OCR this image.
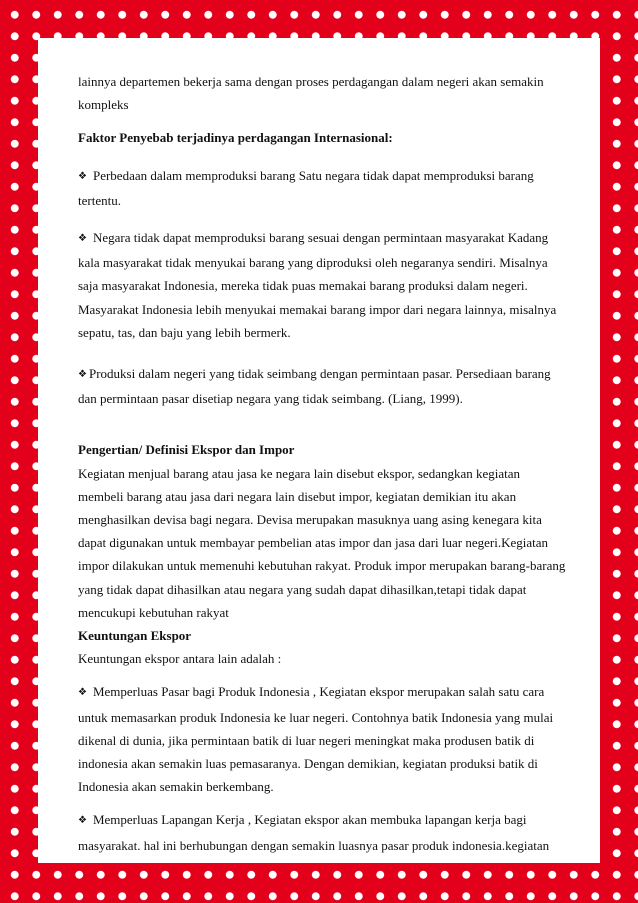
lainnya departemen bekerja sama dengan proses perdagangan dalam negeri akan semakin

kompleks

Faktor Penyebab terjadinya perdagangan Internasional:

❖ Perbedaan dalam memproduksi barang Satu negara tidak dapat memproduksi barang

tertentu.

❖ Negara tidak dapat memproduksi barang sesuai dengan permintaan masyarakat Kadang

kala masyarakat tidak menyukai barang yang diproduksi oleh negaranya sendiri. Misalnya

saja masyarakat Indonesia, mereka tidak puas memakai barang produksi dalam negeri.

Masyarakat Indonesia lebih menyukai memakai barang impor dari negara lainnya, misalnya

sepatu, tas, dan baju yang lebih bermerk.

❖ Produksi dalam negeri yang tidak seimbang dengan permintaan pasar. Persediaan barang

dan permintaan pasar disetiap negara yang tidak seimbang. (Liang, 1999).

Pengertian/ Definisi Ekspor dan Impor

Kegiatan menjual barang atau jasa ke negara lain disebut ekspor, sedangkan kegiatan

membeli barang atau jasa dari negara lain disebut impor, kegiatan demikian itu akan

menghasilkan devisa bagi negara. Devisa merupakan masuknya uang asing kenegara kita

dapat digunakan untuk membayar pembelian atas impor dan jasa dari luar negeri.Kegiatan

impor dilakukan untuk memenuhi kebutuhan rakyat. Produk impor merupakan barang-barang

yang tidak dapat dihasilkan atau negara yang sudah dapat dihasilkan,tetapi tidak dapat

mencukupi kebutuhan rakyat

Keuntungan Ekspor

Keuntungan ekspor antara lain adalah :

❖ Memperluas Pasar bagi Produk Indonesia , Kegiatan ekspor merupakan salah satu cara

untuk memasarkan produk Indonesia ke luar negeri. Contohnya batik Indonesia yang mulai

dikenal di dunia, jika permintaan batik di luar negeri meningkat maka produsen batik di

indonesia akan semakin luas pemasaranya. Dengan demikian, kegiatan produksi batik di

Indonesia akan semakin berkembang.

❖ Memperluas Lapangan Kerja , Kegiatan ekspor akan membuka lapangan kerja bagi

masyarakat. hal ini berhubungan dengan semakin luasnya pasar produk indonesia.kegiatan
